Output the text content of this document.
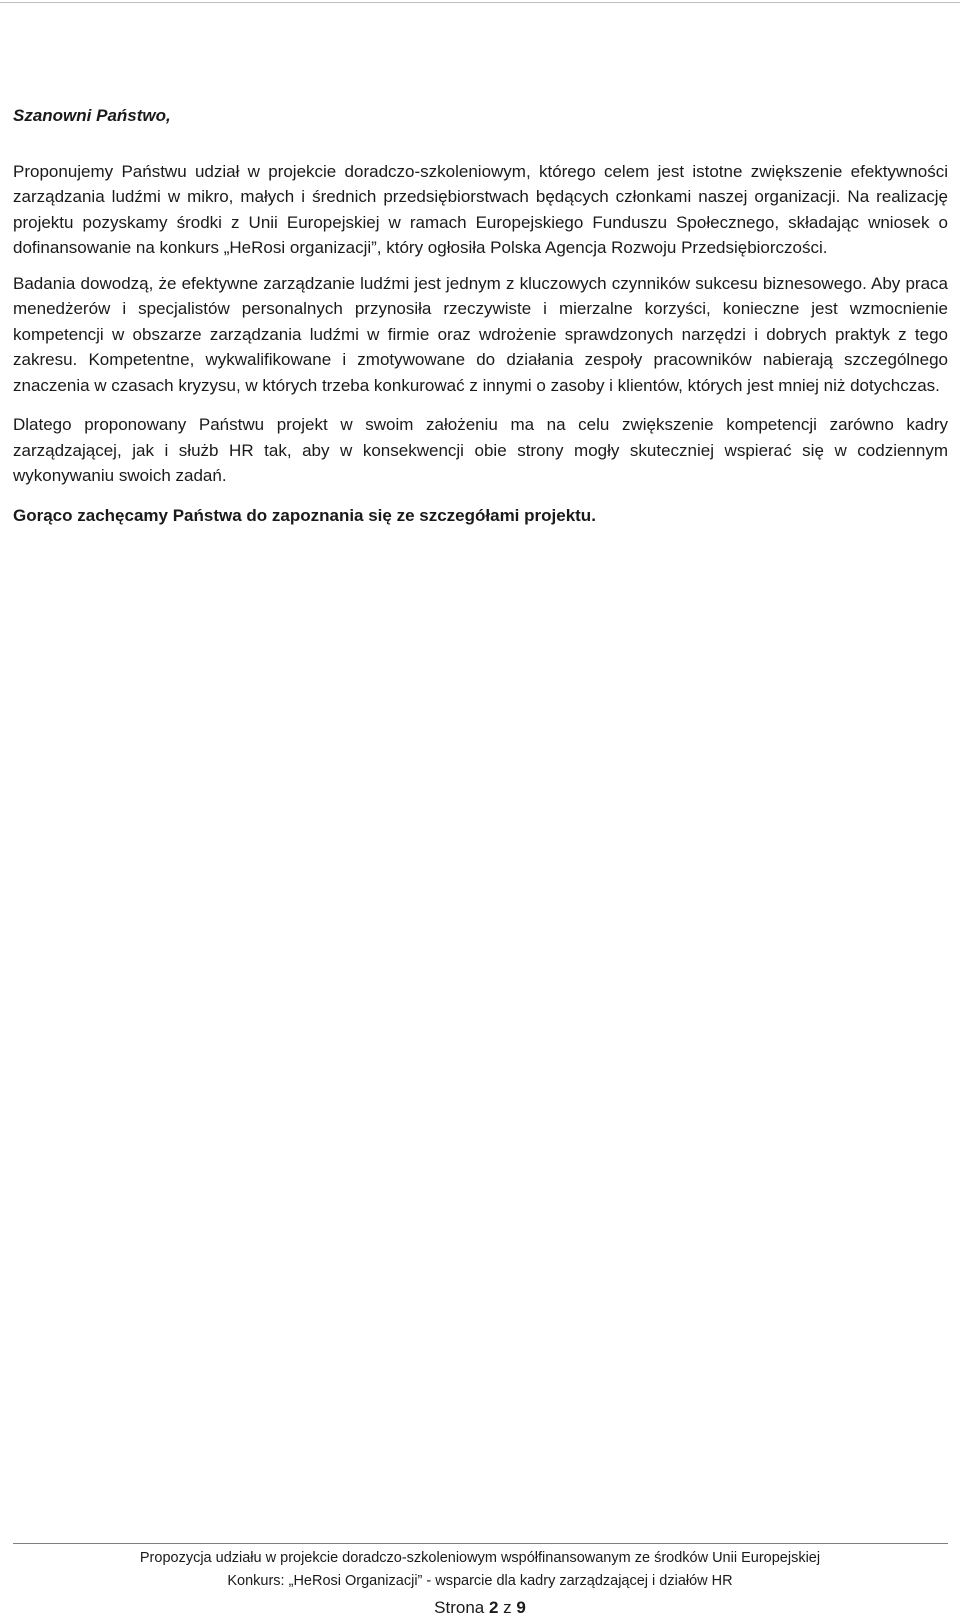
Szanowni Państwo,

Proponujemy Państwu udział w projekcie doradczo-szkoleniowym, którego celem jest istotne zwiększenie efektywności zarządzania ludźmi w mikro, małych i średnich przedsiębiorstwach będących członkami naszej organizacji. Na realizację projektu pozyskamy środki z Unii Europejskiej w ramach Europejskiego Funduszu Społecznego, składając wniosek o dofinansowanie na konkurs „HeRosi organizacji”, który ogłosiła Polska Agencja Rozwoju Przedsiębiorczości.

Badania dowodzą, że efektywne zarządzanie ludźmi jest jednym z kluczowych czynników sukcesu biznesowego. Aby praca menedżerów i specjalistów personalnych przynosiła rzeczywiste i mierzalne korzyści, konieczne jest wzmocnienie kompetencji w obszarze zarządzania ludźmi w firmie oraz wdrożenie sprawdzonych narzędzi i dobrych praktyk z tego zakresu. Kompetentne, wykwalifikowane i zmotywowane do działania zespoły pracowników nabierają szczególnego znaczenia w czasach kryzysu, w których trzeba konkurować z innymi o zasoby i klientów, których jest mniej niż dotychczas.

Dlatego proponowany Państwu projekt w swoim założeniu ma na celu zwiększenie kompetencji zarówno kadry zarządzającej, jak i służb HR tak, aby w konsekwencji obie strony mogły skuteczniej wspierać się w codziennym wykonywaniu swoich zadań.

Gorąco zachęcamy Państwa do zapoznania się ze szczegółami projektu.

Propozycja udziału w projekcie doradczo-szkoleniowym współfinansowanym ze środków Unii Europejskiej
Konkurs: „HeRosi Organizacji” - wsparcie dla kadry zarządzającej i działów HR
Strona 2 z 9
